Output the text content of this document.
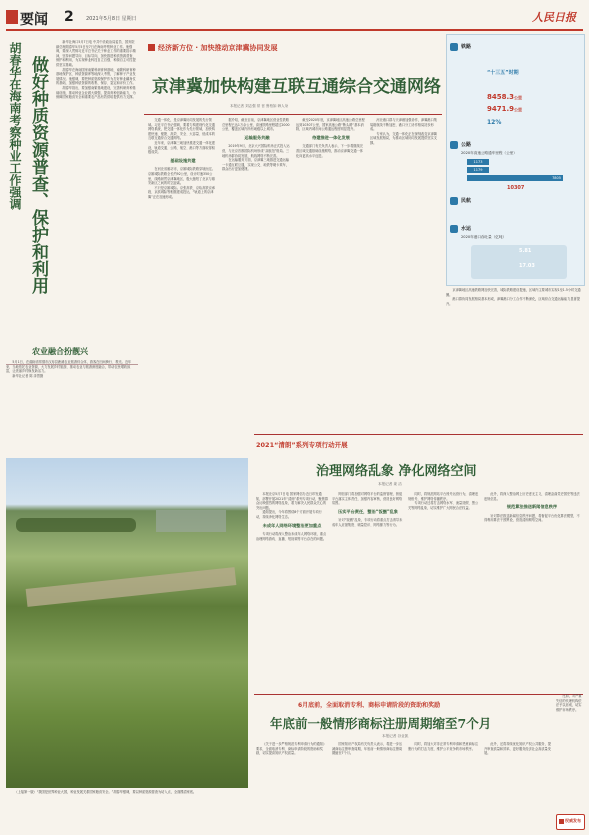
要闻 2 2021年5月8日 星期日	人民日报
胡春华在海南考察种业工作强调 做好种质资源普查、保护和利用

新华社海口5月7日电 中共中央政治局委员、国务院副总理胡春华5月5日至7日在海南考察种业工作。他强调，要深入贯彻习近平总书记关于种业工作的重要指示精神，坚持问题导向、目标导向，加快推进种质资源普查、保护和利用，为实现种业科技自立自强、种源自主可控提供坚实基础。

胡春华在海南国家南繁科研育种基地、南繁科研育种基地保护区、种质资源库等地深入考察，了解种子产业发展情况。他强调，要把种质资源保护作为打好种业翻身仗的基础，加强种质资源的收集、保存、鉴定和评价工作。

胡春华指出，要加强南繁基地建设，完善科研育种基础设施，推动种业企业做大做强，提高育种创新能力，为保障国家粮食安全和重要农产品有效供给提供有力支撑。

农业融合扮靓兴

5月1日，在湖南省常德市汉寿县鹿溪农业旅游综合体，游客在田间骑行、观光。近年来，当地依托农业资源，大力发展乡村旅游，推动农业与旅游深度融合，带动农民增收致富，让美丽乡村焕发新活力。

新华社记者 陈 泽思摄

（上接第一版）“我国是世界种业大国，种业发展关系国家粮食安全。”胡春华强调，要以种质资源普查为切入点，全面摸清家底。

经济新方位 · 加快推动京津冀协同发展
京津冀加快构建互联互通综合交通网络
本报记者 刘志强 常 晋 鲁柏如 韩人朵

交通一体化，是京津冀协同发展的先行领域。习近平总书记强调，要着力构建现代化交通网络系统，把交通一体化作为先行领域，加快构建快速、便捷、高效、安全、大容量、低成本的互联互通综合交通网络。

近年来，京津冀三地加快推进交通一体化建设，轨道交通、公路、航空、港口等方面取得积极成效。

基础设施共建

在河北省廊坊市，京雄城际铁路穿境而过。京雄城际铁路全长约92公里，设计时速350公里，线路纵贯京津冀地区，极大缩短了北京与雄安新区之间的时空距离。

不只是京雄城际。京张高铁、京哈高铁京承段、京滨城际等相继建成投运，“轨道上的京津冀”正在加速形成。

据介绍，截至目前，京津冀地区营业性铁路总里程已达1万余公里，高速铁路里程超过2000公里，覆盖区域内所有地级以上城市。

运输服务共融

2019年9月，北京大兴国际机场正式投入运营，与北京首都国际机场形成“双枢纽”格局。三地机场群协同发展，航线网络不断完善。

在运输服务方面，京津冀三地推进交通运输一卡通互联互通，实现公交、地铁等刷卡乘车，群众出行更加便捷。

截至2020年底，京津冀地区高速公路总里程达到10307公里，国家高速公路“断头路”基本消除，区域内城市间公路通达程度明显提升。

待建推进一体化发展

交通部门有关负责人表示，下一步将继续完善区域交通基础设施网络，推动京津冀交通一体化向更高水平迈进。

河北港口群与天津港加强协作，津冀港口集装箱航线不断加密，港口分工协作格局初步形成。

专家认为，交通一体化正在深刻改变京津冀区域发展格局，为推动区域协同发展提供坚实支撑。

铁路
“十三五”时期
8458.3公里
9471.9公里
12%
公路
2020年高速公路通车里程（公里）
1173
1179
7805
10307
民航
水运
2020年港口吞吐量（亿吨）
5.81
17.03

京津冀地区高速铁路网加快完善，城际铁路建设提速，区域内主要城市实现1至1.5小时交通圈。

港口群协同发展格局基本形成，津冀港口分工合作不断深化，区域综合交通运输能力显著提升。

2021“清朗”系列专项行动开展
治理网络乱象 净化网络空间
本报记者 姜 洁

本报北京5月7日电 国家网信办近日印发通知，部署开展2021年“清朗”系列专项行动，聚焦群众反映强烈的网络乱象，着力解决人民群众关心的突出问题。

通知提出，今年将围绕8个方面开展专项行动，持续净化网络生态。

未成年人网络环境整治更加重点

专项行动将深入整治未成年人网络环境，重点治理网络游戏、直播、短视频等平台存在的问题。

网信部门将加强对网络平台的监督管理，督促平台落实主体责任，加强内容审核，营造良好网络氛围。

压实平台责任，整治“饭圈”乱象

针对“饭圈”乱象，专项行动将重点打击诱导未成年人应援集资、刷量控评、网络暴力等行为。

同时，将规范网站平台账号运营行为，清理违规账号，维护网络传播秩序。

专项行动还将打击网络水军、流量造假、黑公关等网络乱象，切实维护广大网民合法权益。

此外，将深入整治网上历史虚无主义，清理歪曲党史国史等违法违规信息。

规范算法推送新闻信息秩序

针对算法推送新闻信息秩序问题，将督促平台优化算法模型，不得利用算法干预舆论，营造清朗网络空间。

6月底前，全面取消专利、商标申请阶段的资助和奖励
年底前一般情形商标注册周期缩至7个月
本报记者 谷业凯

《关于进一步严格规范专利申请行为的通知》要求，全面取消专利、商标申请阶段的资助和奖励，切实提高知识产权质量。

国家知识产权局有关负责人表示，将进一步压减商标注册审查周期，年底前一般情形商标注册周期缩至7个月。

同时，将加大对非正常专利申请和恶意商标注册行为的打击力度，维护公平竞争的市场秩序。

此外，还将持续优化知识产权公共服务，提升审查质量和效率，更好服务经济社会高质量发展。

比如，对严重失信的代理机构依法予以惩戒，切实维护市场秩序。

权威发布
